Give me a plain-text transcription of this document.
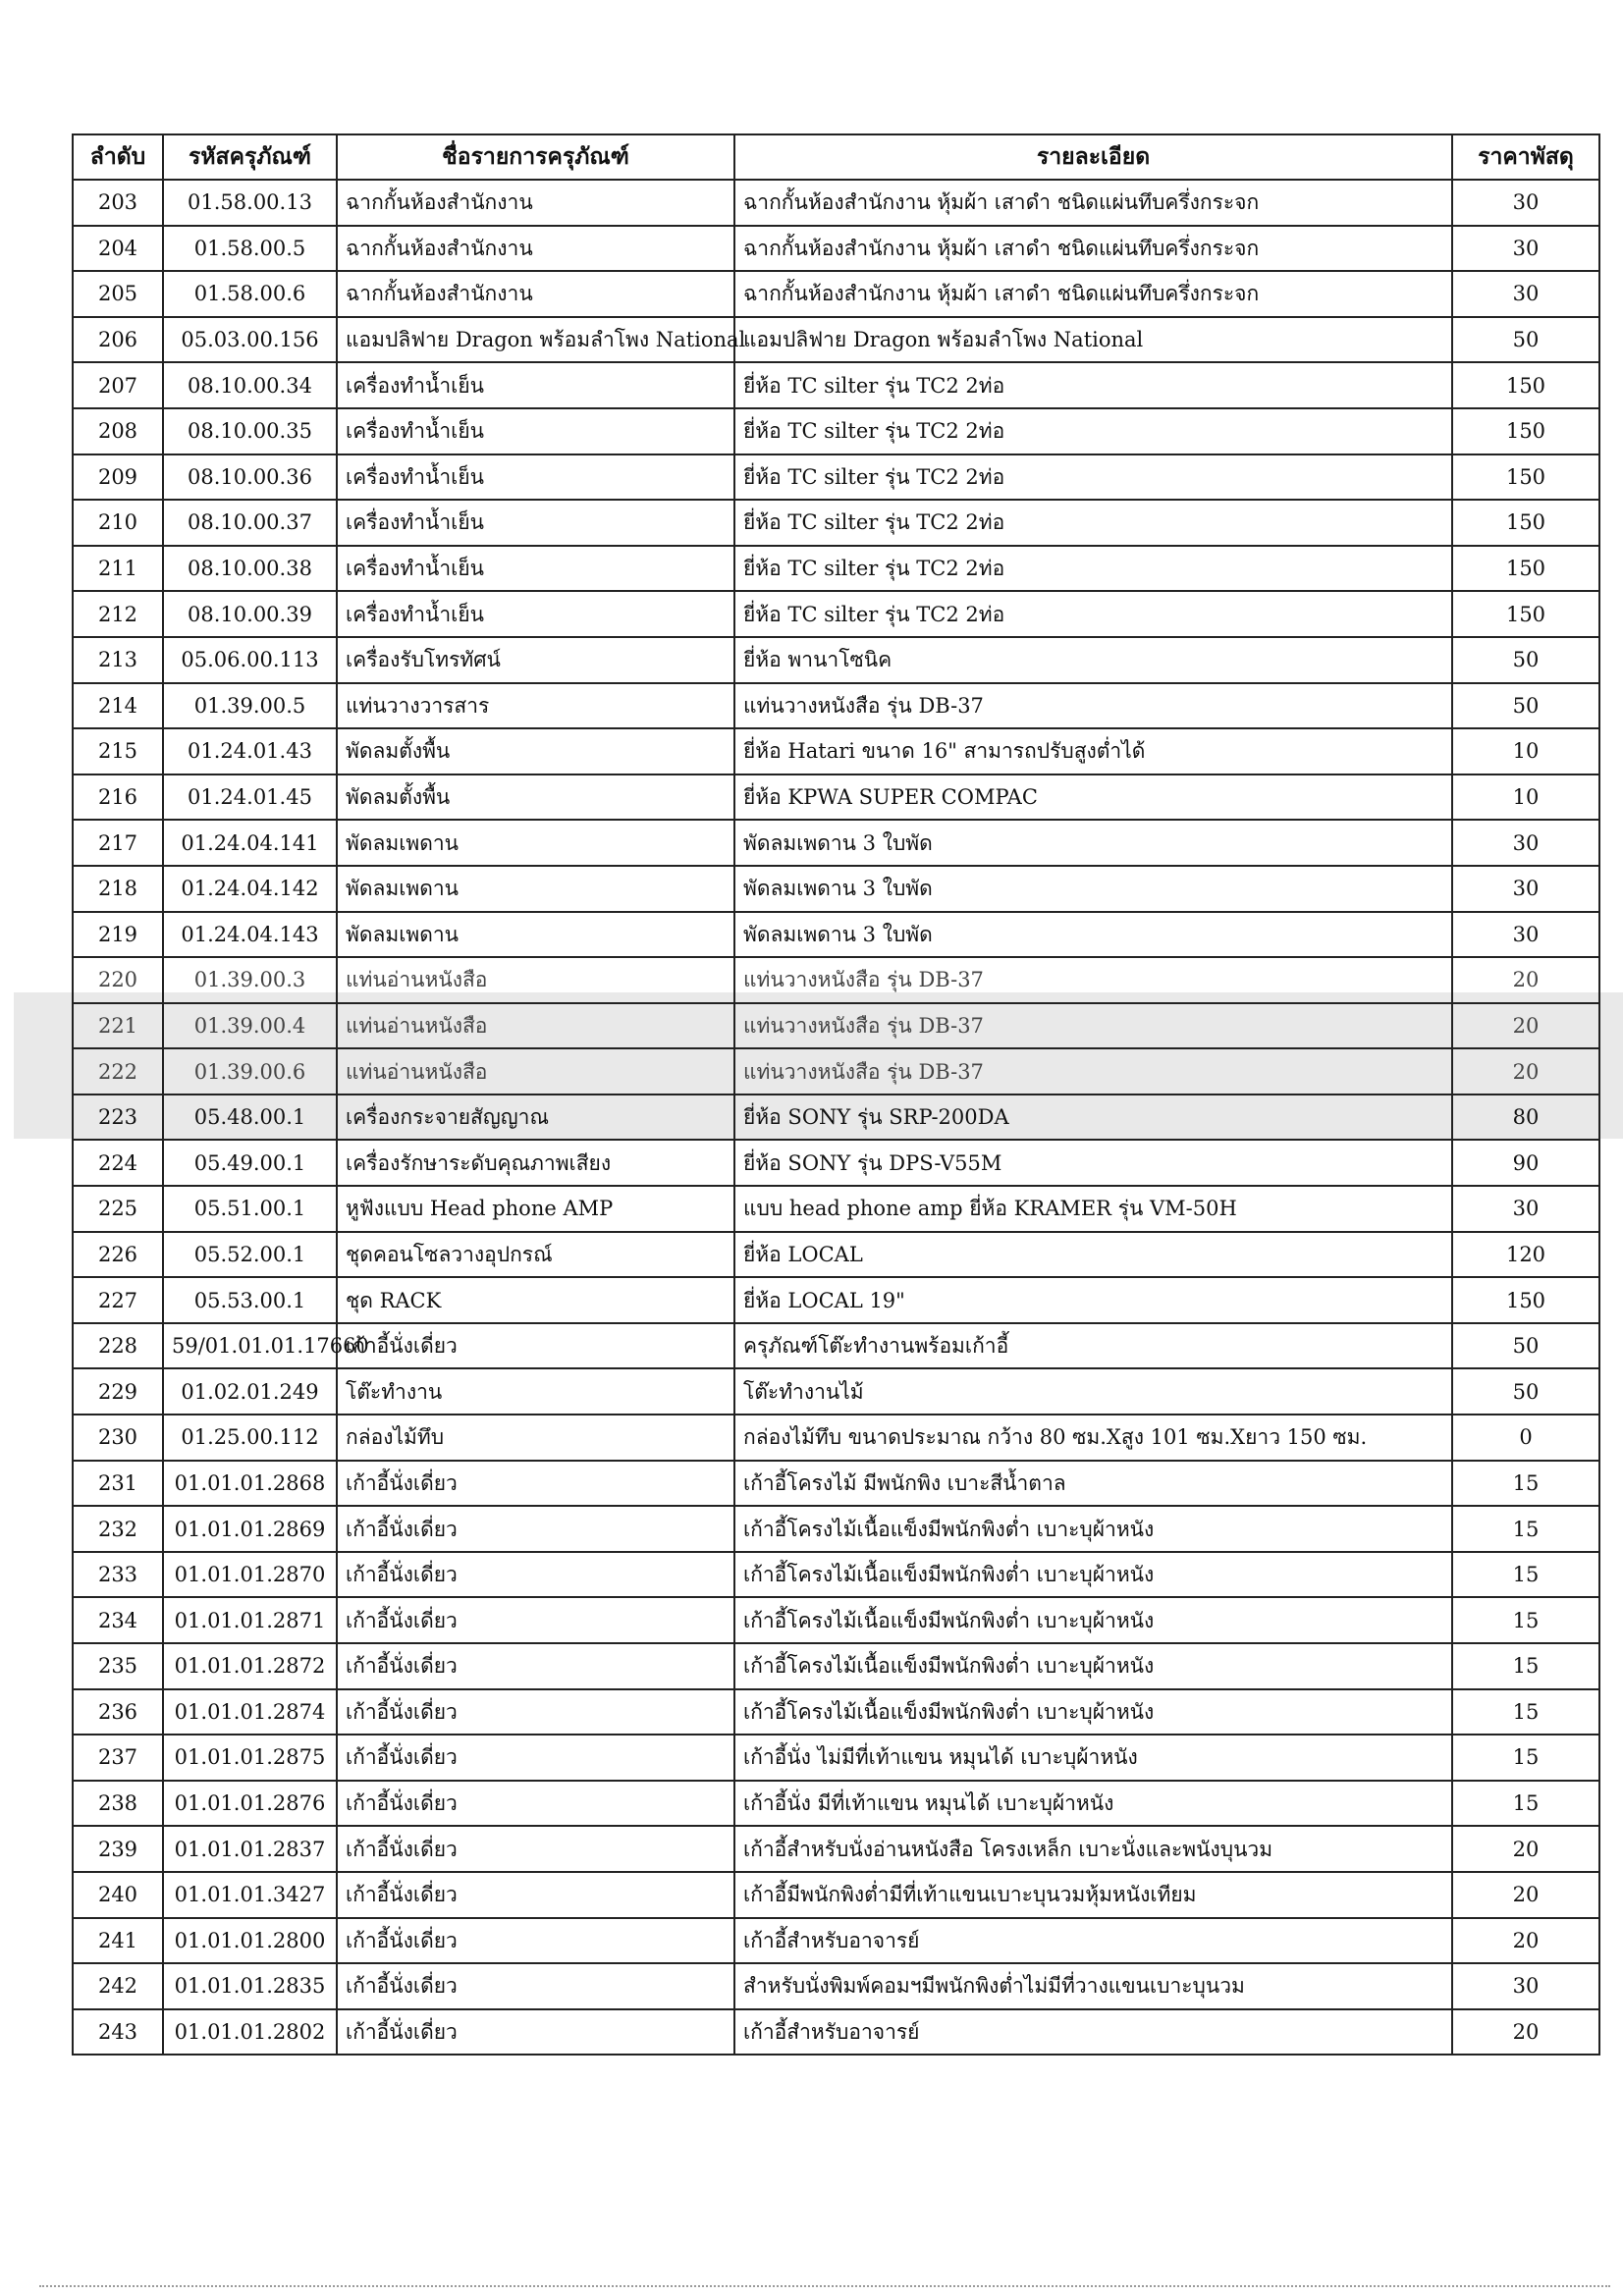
ลำดับ	รหัสครุภัณฑ์	ชื่อรายการครุภัณฑ์	รายละเอียด	ราคาพัสดุ
203	01.58.00.13	ฉากกั้นห้องสำนักงาน	ฉากกั้นห้องสำนักงาน หุ้มผ้า เสาดำ ชนิดแผ่นทึบครึ่งกระจก	30
204	01.58.00.5	ฉากกั้นห้องสำนักงาน	ฉากกั้นห้องสำนักงาน หุ้มผ้า เสาดำ ชนิดแผ่นทึบครึ่งกระจก	30
205	01.58.00.6	ฉากกั้นห้องสำนักงาน	ฉากกั้นห้องสำนักงาน หุ้มผ้า เสาดำ ชนิดแผ่นทึบครึ่งกระจก	30
206	05.03.00.156	แอมปลิฟาย Dragon พร้อมลำโพง National	แอมปลิฟาย Dragon พร้อมลำโพง National	50
207	08.10.00.34	เครื่องทำน้ำเย็น	ยี่ห้อ TC silter รุ่น TC2 2ท่อ	150
208	08.10.00.35	เครื่องทำน้ำเย็น	ยี่ห้อ TC silter รุ่น TC2 2ท่อ	150
209	08.10.00.36	เครื่องทำน้ำเย็น	ยี่ห้อ TC silter รุ่น TC2 2ท่อ	150
210	08.10.00.37	เครื่องทำน้ำเย็น	ยี่ห้อ TC silter รุ่น TC2 2ท่อ	150
211	08.10.00.38	เครื่องทำน้ำเย็น	ยี่ห้อ TC silter รุ่น TC2 2ท่อ	150
212	08.10.00.39	เครื่องทำน้ำเย็น	ยี่ห้อ TC silter รุ่น TC2 2ท่อ	150
213	05.06.00.113	เครื่องรับโทรทัศน์	ยี่ห้อ พานาโซนิค	50
214	01.39.00.5	แท่นวางวารสาร	แท่นวางหนังสือ รุ่น DB-37	50
215	01.24.01.43	พัดลมตั้งพื้น	ยี่ห้อ Hatari ขนาด 16" สามารถปรับสูงต่ำได้	10
216	01.24.01.45	พัดลมตั้งพื้น	ยี่ห้อ KPWA SUPER COMPAC	10
217	01.24.04.141	พัดลมเพดาน	พัดลมเพดาน 3 ใบพัด	30
218	01.24.04.142	พัดลมเพดาน	พัดลมเพดาน 3 ใบพัด	30
219	01.24.04.143	พัดลมเพดาน	พัดลมเพดาน 3 ใบพัด	30
220	01.39.00.3	แท่นอ่านหนังสือ	แท่นวางหนังสือ รุ่น DB-37	20
221	01.39.00.4	แท่นอ่านหนังสือ	แท่นวางหนังสือ รุ่น DB-37	20
222	01.39.00.6	แท่นอ่านหนังสือ	แท่นวางหนังสือ รุ่น DB-37	20
223	05.48.00.1	เครื่องกระจายสัญญาณ	ยี่ห้อ SONY รุ่น SRP-200DA	80
224	05.49.00.1	เครื่องรักษาระดับคุณภาพเสียง	ยี่ห้อ SONY รุ่น DPS-V55M	90
225	05.51.00.1	หูฟังแบบ Head phone AMP	แบบ head phone amp ยี่ห้อ KRAMER รุ่น VM-50H	30
226	05.52.00.1	ชุดคอนโซลวางอุปกรณ์	ยี่ห้อ LOCAL	120
227	05.53.00.1	ชุด RACK	ยี่ห้อ LOCAL 19"	150
228	59/01.01.01.17660	เก้าอี้นั่งเดี่ยว	ครุภัณฑ์โต๊ะทำงานพร้อมเก้าอี้	50
229	01.02.01.249	โต๊ะทำงาน	โต๊ะทำงานไม้	50
230	01.25.00.112	กล่องไม้ทึบ	กล่องไม้ทึบ ขนาดประมาณ กว้าง 80 ซม.Xสูง 101 ซม.Xยาว 150 ซม.	0
231	01.01.01.2868	เก้าอี้นั่งเดี่ยว	เก้าอี้โครงไม้ มีพนักพิง เบาะสีน้ำตาล	15
232	01.01.01.2869	เก้าอี้นั่งเดี่ยว	เก้าอี้โครงไม้เนื้อแข็งมีพนักพิงต่ำ เบาะบุผ้าหนัง	15
233	01.01.01.2870	เก้าอี้นั่งเดี่ยว	เก้าอี้โครงไม้เนื้อแข็งมีพนักพิงต่ำ เบาะบุผ้าหนัง	15
234	01.01.01.2871	เก้าอี้นั่งเดี่ยว	เก้าอี้โครงไม้เนื้อแข็งมีพนักพิงต่ำ เบาะบุผ้าหนัง	15
235	01.01.01.2872	เก้าอี้นั่งเดี่ยว	เก้าอี้โครงไม้เนื้อแข็งมีพนักพิงต่ำ เบาะบุผ้าหนัง	15
236	01.01.01.2874	เก้าอี้นั่งเดี่ยว	เก้าอี้โครงไม้เนื้อแข็งมีพนักพิงต่ำ เบาะบุผ้าหนัง	15
237	01.01.01.2875	เก้าอี้นั่งเดี่ยว	เก้าอี้นั่ง ไม่มีที่เท้าแขน หมุนได้ เบาะบุผ้าหนัง	15
238	01.01.01.2876	เก้าอี้นั่งเดี่ยว	เก้าอี้นั่ง มีที่เท้าแขน หมุนได้ เบาะบุผ้าหนัง	15
239	01.01.01.2837	เก้าอี้นั่งเดี่ยว	เก้าอี้สำหรับนั่งอ่านหนังสือ โครงเหล็ก เบาะนั่งและพนังบุนวม	20
240	01.01.01.3427	เก้าอี้นั่งเดี่ยว	เก้าอี้มีพนักพิงต่ำมีที่เท้าแขนเบาะบุนวมหุ้มหนังเทียม	20
241	01.01.01.2800	เก้าอี้นั่งเดี่ยว	เก้าอี้สำหรับอาจารย์	20
242	01.01.01.2835	เก้าอี้นั่งเดี่ยว	สำหรับนั่งพิมพ์คอมฯมีพนักพิงต่ำไม่มีที่วางแขนเบาะบุนวม	30
243	01.01.01.2802	เก้าอี้นั่งเดี่ยว	เก้าอี้สำหรับอาจารย์	20
